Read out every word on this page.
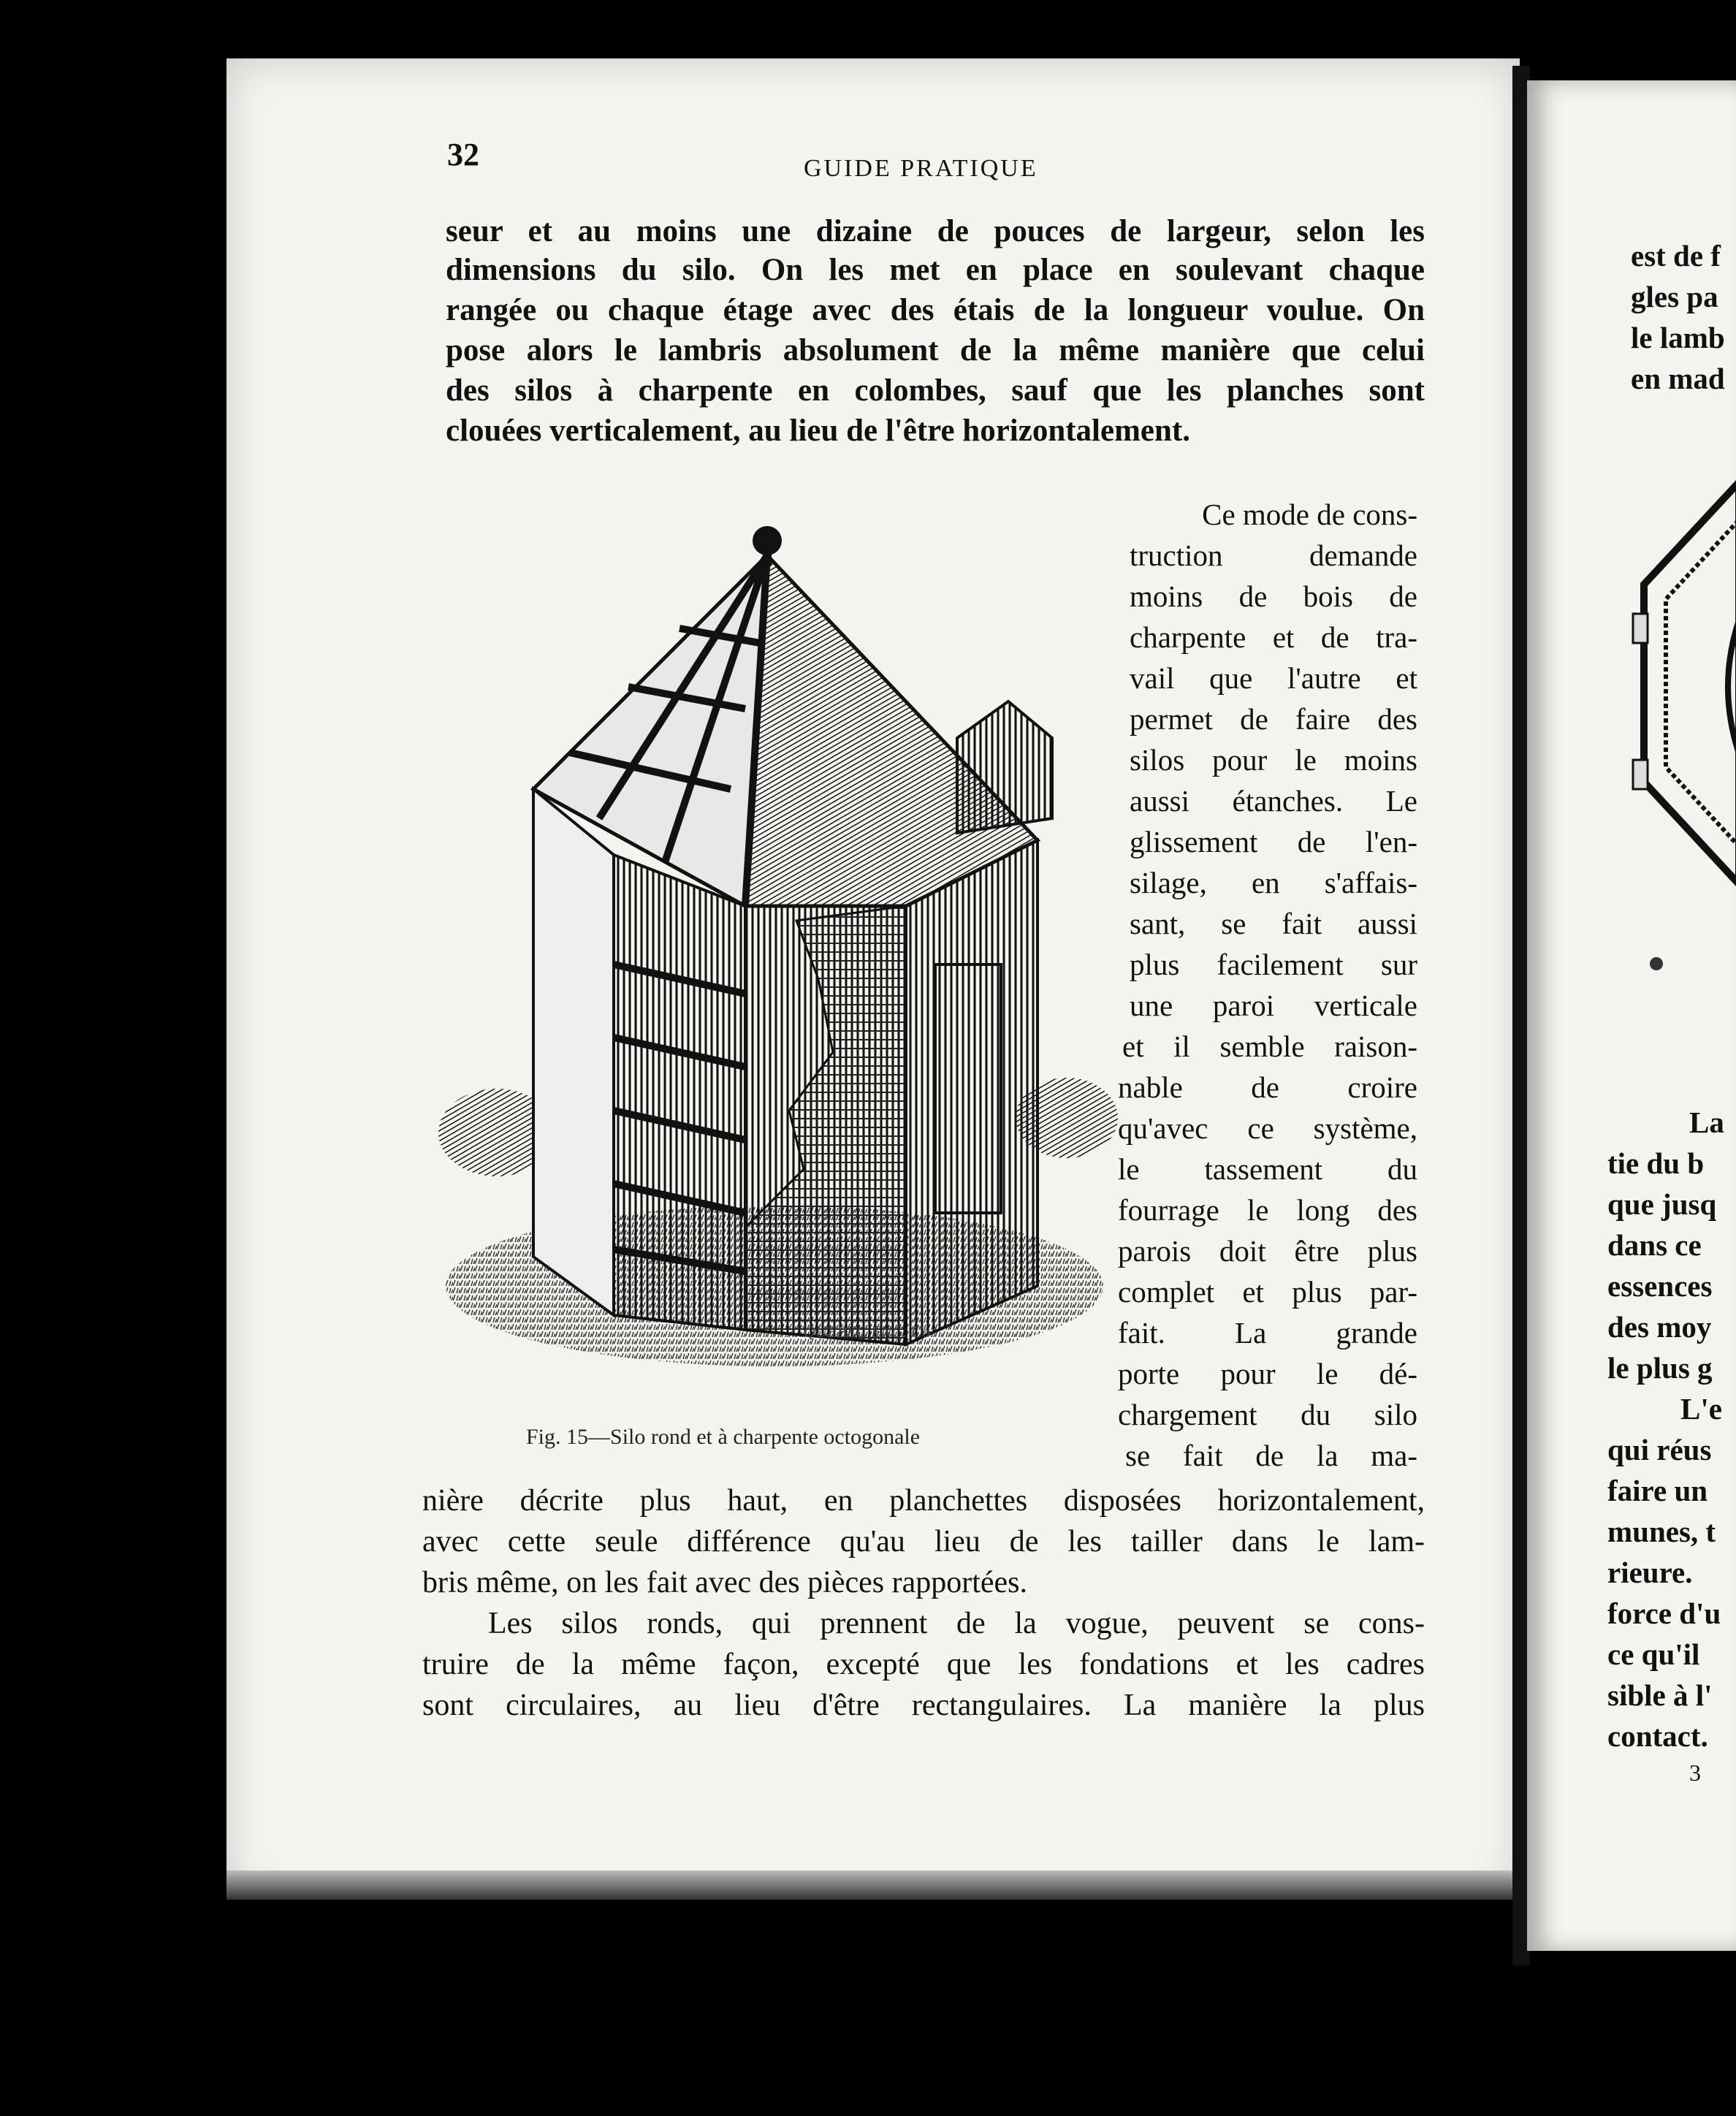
32	GUIDE PRATIQUE
seur et au moins une dizaine de pouces de largeur, selon les
dimensions du silo. On les met en place en soulevant chaque
rangée ou chaque étage avec des étais de la longueur voulue. On
pose alors le lambris absolument de la même manière que celui
des silos à charpente en colombes, sauf que les planches sont
clouées verticalement, au lieu de l'être horizontalement.
QUEBEC ENG. Co.
Ce mode de cons-
truction demande
moins de bois de
charpente et de tra-
vail que l'autre et
permet de faire des
silos pour le moins
aussi étanches. Le
glissement de l'en-
silage, en s'affais-
sant, se fait aussi
plus facilement sur
une paroi verticale
et il semble raison-
nable de croire
qu'avec ce système,
le tassement du
fourrage le long des
parois doit être plus
complet et plus par-
fait. La grande
porte pour le dé-
chargement du silo
se fait de la ma-
Fig. 15—Silo rond et à charpente octogonale
nière décrite plus haut, en planchettes disposées horizontalement,
avec cette seule différence qu'au lieu de les tailler dans le lam-
bris même, on les fait avec des pièces rapportées.
Les silos ronds, qui prennent de la vogue, peuvent se cons-
truire de la même façon, excepté que les fondations et les cadres
sont circulaires, au lieu d'être rectangulaires. La manière la plus
est de f
gles pa
le lamb
en mad
La
tie du b
que jusq
dans ce
essences
des moy
le plus g
L'e
qui réus
faire un
munes, t
rieure.
force d'u
ce qu'il
sible à l'
contact.
3
